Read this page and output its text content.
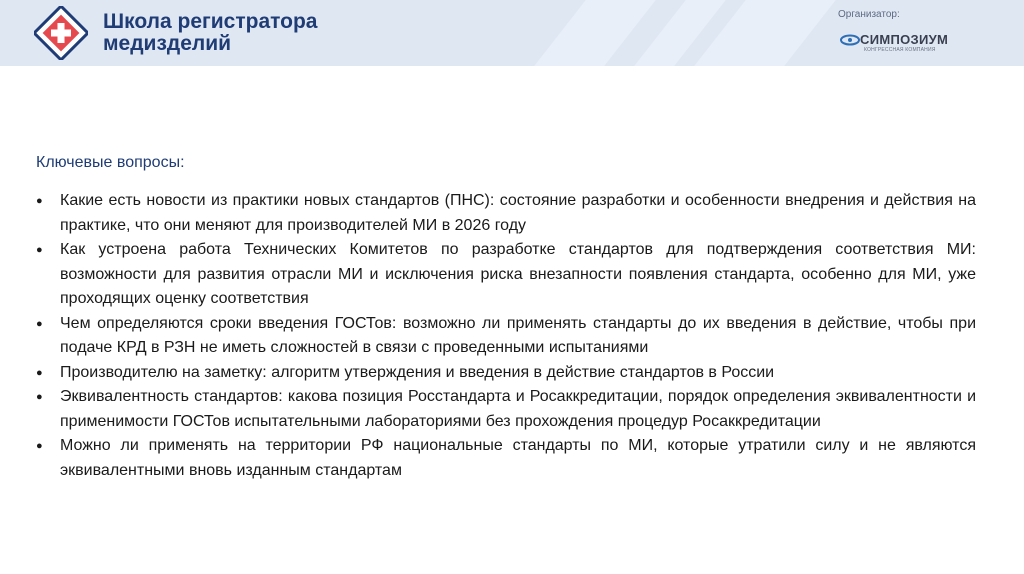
Школа регистратора
медизделий
Организатор:
СИМПОЗИУМ
КОНГРЕССНАЯ КОМПАНИЯ
Ключевые вопросы:
● Какие есть новости из практики новых стандартов (ПНС): состояние разработки и особенности внедрения и действия на практике, что они меняют для производителей МИ в 2026 году
● Как устроена работа Технических Комитетов по разработке стандартов для подтверждения соответствия МИ: возможности для развития отрасли МИ и исключения риска внезапности появления стандарта, особенно для МИ, уже проходящих оценку соответствия
● Чем определяются сроки введения ГОСТов: возможно ли применять стандарты до их введения в действие, чтобы при подаче КРД в РЗН не иметь сложностей в связи с проведенными испытаниями
● Производителю на заметку: алгоритм утверждения и введения в действие стандартов в России
● Эквивалентность стандартов: какова позиция Росстандарта и Росаккредитации, порядок определения эквивалентности и применимости ГОСТов испытательными лабораториями без прохождения процедур Росаккредитации
● Можно ли применять на территории РФ национальные стандарты по МИ, которые утратили силу и не являются эквивалентными вновь изданным стандартам
